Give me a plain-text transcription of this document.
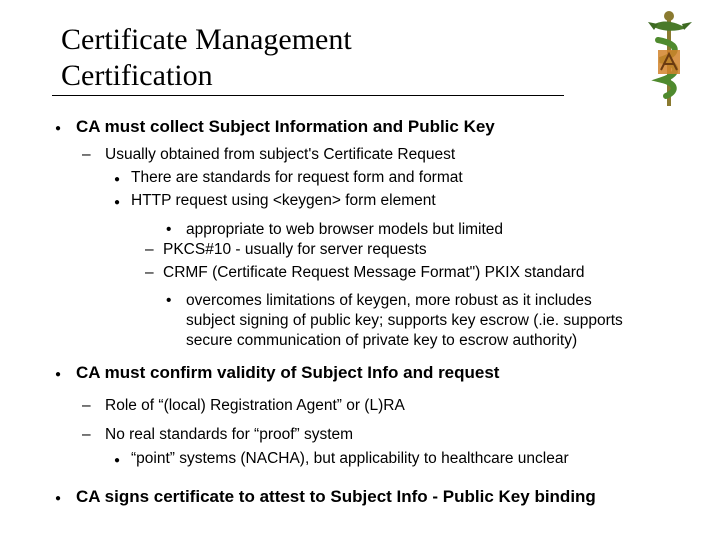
Certificate Management
Certification
● CA must collect Subject Information and Public Key
– Usually obtained from subject's Certificate Request
● There are standards for request form and format
● HTTP request using <keygen> form element
• appropriate to web browser models but limited
– PKCS#10 - usually for server requests
– CRMF (Certificate Request Message Format") PKIX standard
• overcomes limitations of keygen, more robust as it includes
subject signing of public key; supports key escrow (.ie. supports
secure communication of private key to escrow authority)
● CA must confirm validity of Subject Info and request
– Role of “(local) Registration Agent” or (L)RA
– No real standards for “proof” system
● “point” systems (NACHA), but applicability to healthcare unclear
● CA signs certificate to attest to Subject Info - Public Key binding
